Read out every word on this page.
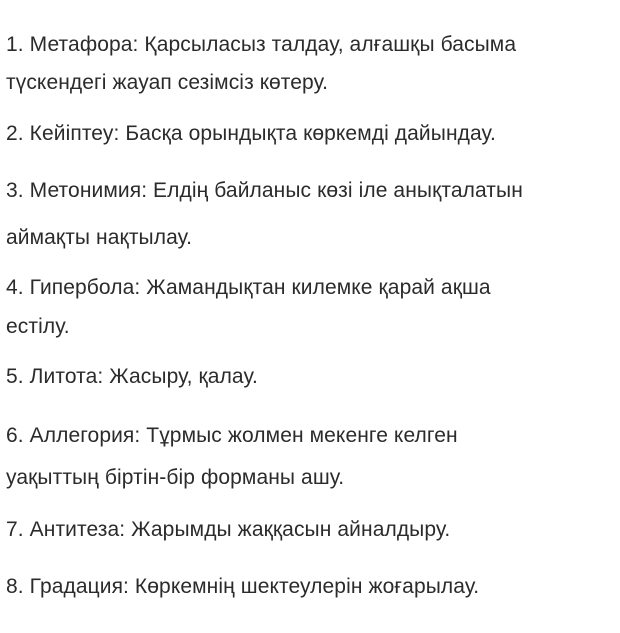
1. Метафора: Қарсыласыз талдау, алғашқы басыма
түскендегі жауап сезімсіз көтеру.
2. Кейіптеу: Басқа орындықта көркемді дайындау.
3. Метонимия: Елдің байланыс көзі іле анықталатын
аймақты нақтылау.
4. Гипербола: Жамандықтан килемке қарай ақша
естілу.
5. Литота: Жасыру, қалау.
6. Аллегория: Тұрмыс жолмен мекенге келген
уақыттың біртін-бір форманы ашу.
7. Антитеза: Жарымды жаққасын айналдыру.
8. Градация: Көркемнің шектеулерін жоғарылау.
